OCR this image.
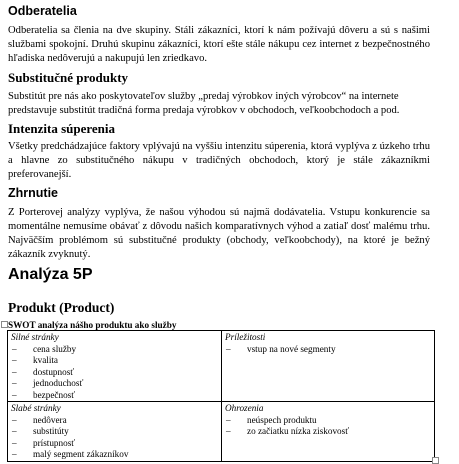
Odberatelia

Odberatelia sa členia na dve skupiny. Stáli zákazníci, ktorí k nám požívajú dôveru a sú s našimi službami spokojní. Druhú skupinu zákazníci, ktorí ešte stále nákupu cez internet z bezpečnostného hľadiska nedôverujú a nakupujú len zriedkavo.

Substitučné produkty

Substitút pre nás ako poskytovateľov služby „predaj výrobkov iných výrobcov“ na internete predstavuje substitút tradičná forma predaja výrobkov v obchodoch, veľkoobchodoch a pod.

Intenzita súperenia

Všetky predchádzajúce faktory vplývajú na vyššiu intenzitu súperenia, ktorá vyplýva z úzkeho trhu a hlavne zo substitučného nákupu v tradičných obchodoch, ktorý je stále zákazníkmi preferovanejší.

Zhrnutie

Z Porterovej analýzy vyplýva, že našou výhodou sú najmä dodávatelia. Vstupu konkurencie sa momentálne nemusíme obávať z dôvodu našich komparatívnych výhod a zatiaľ dosť malému trhu. Najväčším problémom sú substitučné produkty (obchody, veľkoobchody), na ktoré je bežný zákazník zvyknutý.

Analýza 5P
Produkt (Product)

SWOT analýza nášho produktu ako služby

Silné stránky
– cena služby
– kvalita
– dostupnosť
– jednoduchosť
– bezpečnosť
Príležitosti
– vstup na nové segmenty
Slabé stránky
– nedôvera
– substitúty
– prístupnosť
– malý segment zákazníkov
Ohrozenia
– neúspech produktu
– zo začiatku nízka ziskovosť
